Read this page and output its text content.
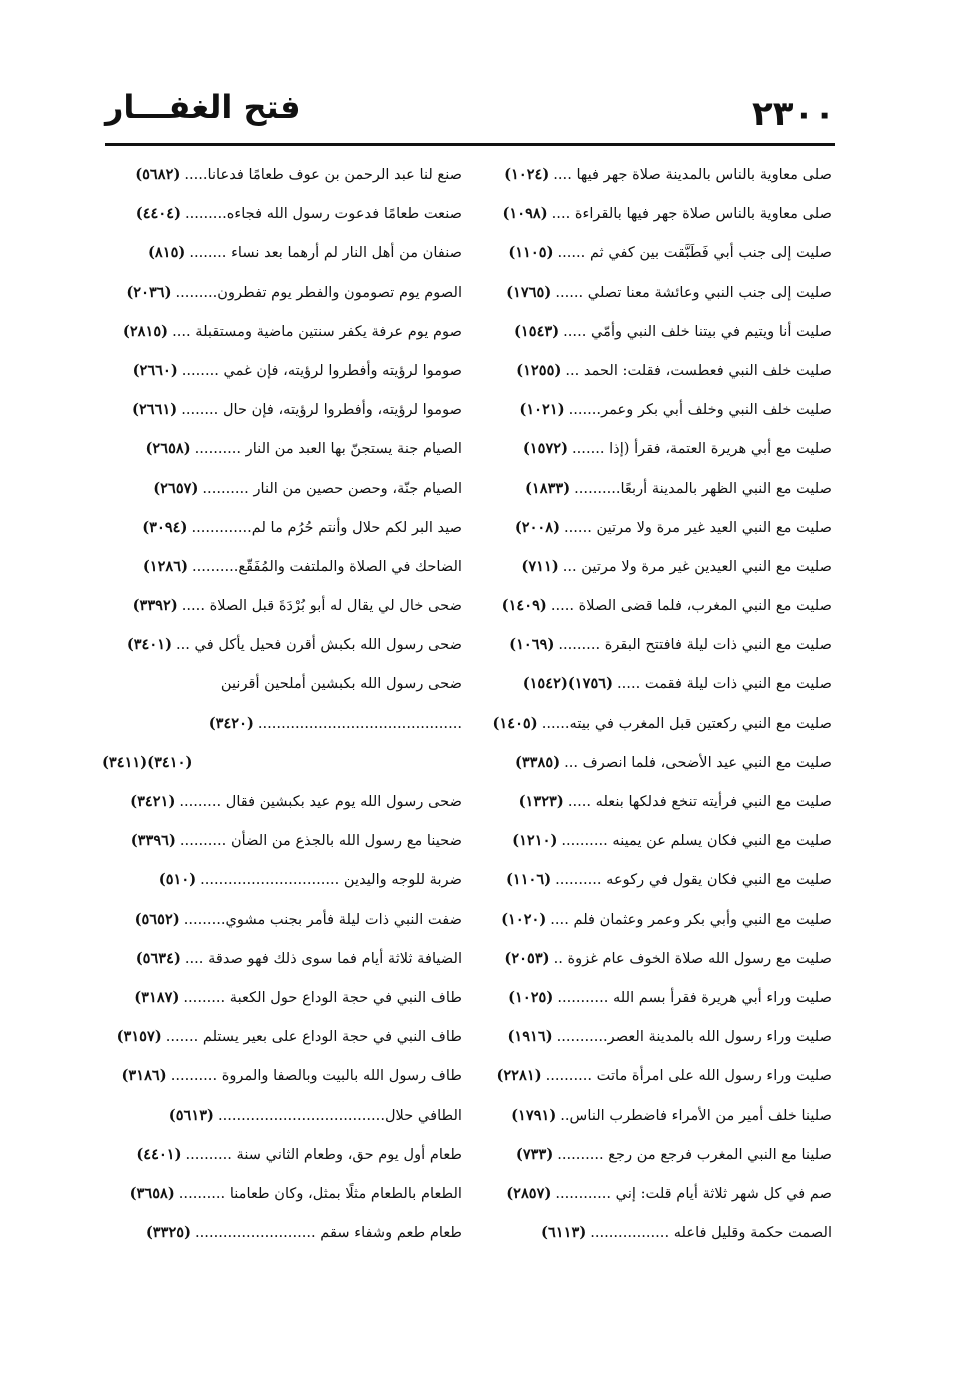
٢٣٠٠
فتح الغفـــار
صلى معاوية بالناس بالمدينة صلاة جهر فيها ....
(١٠٢٤)
صلى معاوية بالناس صلاة جهر فيها بالقراءة ....
(١٠٩٨)
صليت إلى جنب أبي فَطَبَّقت بين كفي ثم ......
(١١٠٥)
صليت إلى جنب النبي وعائشة معنا تصلي ......
(١٧٦٥)
صليت أنا ويتيم في بيتنا خلف النبي وأمّي .....
(١٥٤٣)
صليت خلف النبي فعطست، فقلت: الحمد ...
(١٢٥٥)
صليت خلف النبي وخلف أبي بكر وعمر.......
(١٠٢١)
صليت مع أبي هريرة العتمة، فقرأ (إذا .......
(١٥٧٢)
صليت مع النبي الظهر بالمدينة أربعًا..........
(١٨٣٣)
صليت مع النبي العيد غير مرة ولا مرتين ......
(٢٠٠٨)
صليت مع النبي العيدين غير مرة ولا مرتين ...
(٧١١)
صليت مع النبي المغرب، فلما قضى الصلاة .....
(١٤٠٩)
صليت مع النبي ذات ليلة فافتتح البقرة .........
(١٠٦٩)
صليت مع النبي ذات ليلة فقمت .....
(١٥٤٢)(١٧٥٦)
صليت مع النبي ركعتين قبل المغرب في بيته......
(١٤٠٥)
صليت مع النبي عيد الأضحى، فلما انصرف ...
(٣٣٨٥)
صليت مع النبي فرأيته تنخع فدلكها بنعله .....
(١٣٢٣)
صليت مع النبي فكان يسلم عن يمينه ..........
(١٢١٠)
صليت مع النبي فكان يقول في ركوعه ..........
(١١٠٦)
صليت مع النبي وأبي بكر وعمر وعثمان فلم ....
(١٠٢٠)
صليت مع رسول الله صلاة الخوف عام غزوة ..
(٢٠٥٣)
صليت وراء أبي هريرة فقرأ بسم الله ...........
(١٠٢٥)
صليت وراء رسول الله بالمدينة العصر...........
(١٩١٦)
صليت وراء رسول الله على امرأة ماتت ..........
(٢٢٨١)
صلينا خلف أمير من الأمراء فاضطرب الناس..
(١٧٩١)
صلينا مع النبي المغرب فرجع من رجع ..........
(٧٣٣)
صم في كل شهر ثلاثة أيام قلت: إني ............
(٢٨٥٧)
الصمت حكمة وقليل فاعله .................
(٦١١٣)
صنع لنا عبد الرحمن بن عوف طعامًا فدعانا.....
(٥٦٨٢)
صنعت طعامًا فدعوت رسول الله فجاءه.........
(٤٤٠٤)
صنفان من أهل النار لم أرهما بعد نساء ........
(٨١٥)
الصوم يوم تصومون والفطر يوم تفطرون.........
(٢٠٣٦)
صوم يوم عرفة يكفر سنتين ماضية ومستقبلة ....
(٢٨١٥)
صوموا لرؤيته وأفطروا لرؤيته، فإن غمي ........
(٢٦٦٠)
صوموا لرؤيته، وأفطروا لرؤيته، فإن حال ........
(٢٦٦١)
الصيام جنة يستجنّ بها العبد من النار ..........
(٢٦٥٨)
الصيام جنّة، وحصن حصين من النار ..........
(٢٦٥٧)
صيد البر لكم حلال وأنتم حُرُم ما لم.............
(٣٠٩٤)
الضاحك في الصلاة والملتفت والمُفَقّع..........
(١٢٨٦)
ضحى خال لي يقال له أبو بُرْدَةَ قبل الصلاة .....
(٣٣٩٢)
ضحى رسول الله بكبش أقرن فحيل يأكل في ...
(٣٤٠١)
ضحى رسول الله بكبشين أملحين أقرنين
............................................
(٣٤٢٠)
(٣٤١١)(٣٤١٠)
ضحى رسول الله يوم عيد بكبشين فقال .........
(٣٤٢١)
ضحينا مع رسول الله بالجذع من الضأن ..........
(٣٣٩٦)
ضربة للوجه واليدين ..............................
(٥١٠)
ضفت النبي ذات ليلة فأمر بجنب مشوي.........
(٥٦٥٢)
الضيافة ثلاثة أيام فما سوى ذلك فهو صدقة ....
(٥٦٣٤)
طاف النبي في حجة الوداع حول الكعبة .........
(٣١٨٧)
طاف النبي في حجة الوداع على بعير يستلم .......
(٣١٥٧)
طاف رسول الله بالبيت وبالصفا والمروة ..........
(٣١٨٦)
الطافي حلال....................................
(٥٦١٣)
طعام أول يوم حق، وطعام الثاني سنة ..........
(٤٤٠١)
الطعام بالطعام مثلًا بمثل، وكان طعامنا ..........
(٣٦٥٨)
طعام طعم وشفاء سقم ..........................
(٣٣٢٥)
